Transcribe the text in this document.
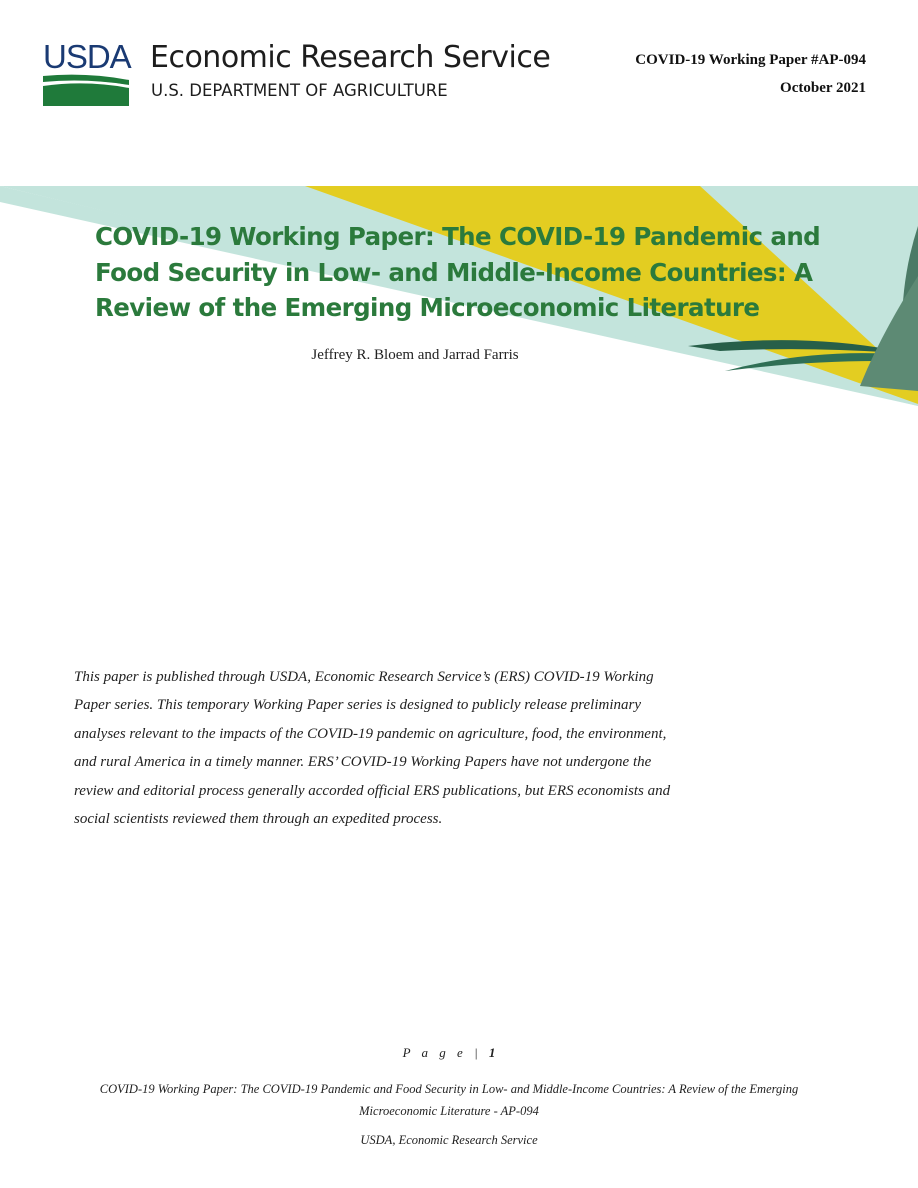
USDA Economic Research Service
U.S. DEPARTMENT OF AGRICULTURE
COVID-19 Working Paper #AP-094
October 2021
COVID-19 Working Paper: The COVID-19 Pandemic and
Food Security in Low- and Middle-Income Countries: A
Review of the Emerging Microeconomic Literature
Jeffrey R. Bloem and Jarrad Farris
This paper is published through USDA, Economic Research Service’s (ERS) COVID-19 Working
Paper series. This temporary Working Paper series is designed to publicly release preliminary
analyses relevant to the impacts of the COVID-19 pandemic on agriculture, food, the environment,
and rural America in a timely manner. ERS’ COVID-19 Working Papers have not undergone the
review and editorial process generally accorded official ERS publications, but ERS economists and
social scientists reviewed them through an expedited process.
P a g e | 1
COVID-19 Working Paper: The COVID-19 Pandemic and Food Security in Low- and Middle-Income Countries: A Review of the Emerging
Microeconomic Literature - AP-094
USDA, Economic Research Service
